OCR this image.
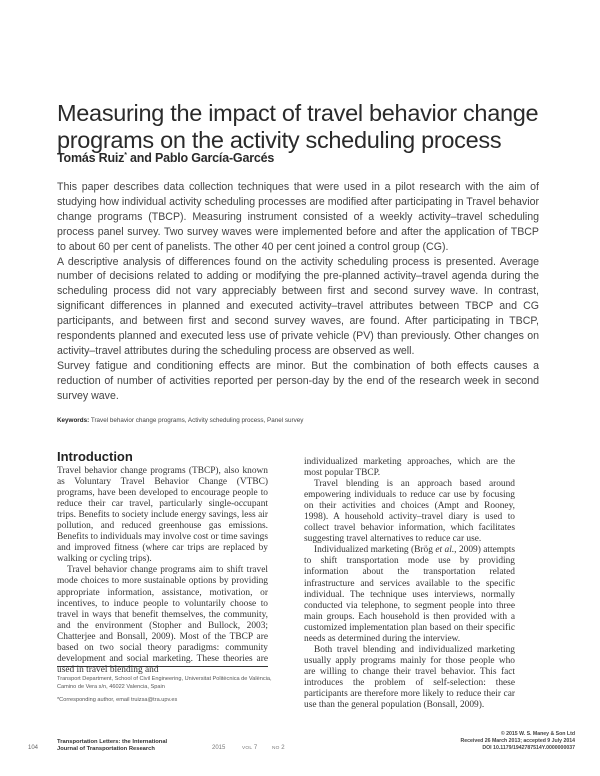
Measuring the impact of travel behavior change programs on the activity scheduling process
Tomás Ruiz* and Pablo García-Garcés

This paper describes data collection techniques that were used in a pilot research with the aim of studying how individual activity scheduling processes are modified after participating in Travel behavior change programs (TBCP). Measuring instrument consisted of a weekly activity–travel scheduling process panel survey. Two survey waves were implemented before and after the application of TBCP to about 60 per cent of panelists. The other 40 per cent joined a control group (CG).

A descriptive analysis of differences found on the activity scheduling process is presented. Average number of decisions related to adding or modifying the pre-planned activity–travel agenda during the scheduling process did not vary appreciably between first and second survey wave. In contrast, significant differences in planned and executed activity–travel attributes between TBCP and CG participants, and between first and second survey waves, are found. After participating in TBCP, respondents planned and executed less use of private vehicle (PV) than previously. Other changes on activity–travel attributes during the scheduling process are observed as well.

Survey fatigue and conditioning effects are minor. But the combination of both effects causes a reduction of number of activities reported per person-day by the end of the research week in second survey wave.

Keywords: Travel behavior change programs, Activity scheduling process, Panel survey
Introduction

Travel behavior change programs (TBCP), also known as Voluntary Travel Behavior Change (VTBC) programs, have been developed to encourage people to reduce their car travel, particularly single-occupant trips. Benefits to society include energy savings, less air pollution, and reduced greenhouse gas emissions. Benefits to individuals may involve cost or time savings and improved fitness (where car trips are replaced by walking or cycling trips).

Travel behavior change programs aim to shift travel mode choices to more sustainable options by providing appropriate information, assistance, motivation, or incentives, to induce people to voluntarily choose to travel in ways that benefit themselves, the community, and the environment (Stopher and Bullock, 2003; Chatterjee and Bonsall, 2009). Most of the TBCP are based on two social theory paradigms: community development and social marketing. These theories are used in travel blending and

individualized marketing approaches, which are the most popular TBCP.

Travel blending is an approach based around empowering individuals to reduce car use by focusing on their activities and choices (Ampt and Rooney, 1998). A household activity–travel diary is used to collect travel behavior information, which facilitates suggesting travel alternatives to reduce car use.

Individualized marketing (Brög et al., 2009) attempts to shift transportation mode use by providing information about the transportation related infrastructure and services available to the specific individual. The technique uses interviews, normally conducted via telephone, to segment people into three main groups. Each household is then provided with a customized implementation plan based on their specific needs as determined during the interview.

Both travel blending and individualized marketing usually apply programs mainly for those people who are willing to change their travel behavior. This fact introduces the problem of self-selection: these participants are therefore more likely to reduce their car use than the general population (Bonsall, 2009).

Transport Department, School of Civil Engineering, Universitat Politècnica de València, Camino de Vera s/n, 46022 Valencia, Spain
*Corresponding author, email truizsa@tra.upv.es
© 2015 W. S. Maney & Son Ltd
Received 26 March 2013; accepted 9 July 2014
DOI 10.1179/1942787514Y.0000000037
104
Transportation Letters: the International
Journal of Transportation Research	2015	VOL 7	NO 2
